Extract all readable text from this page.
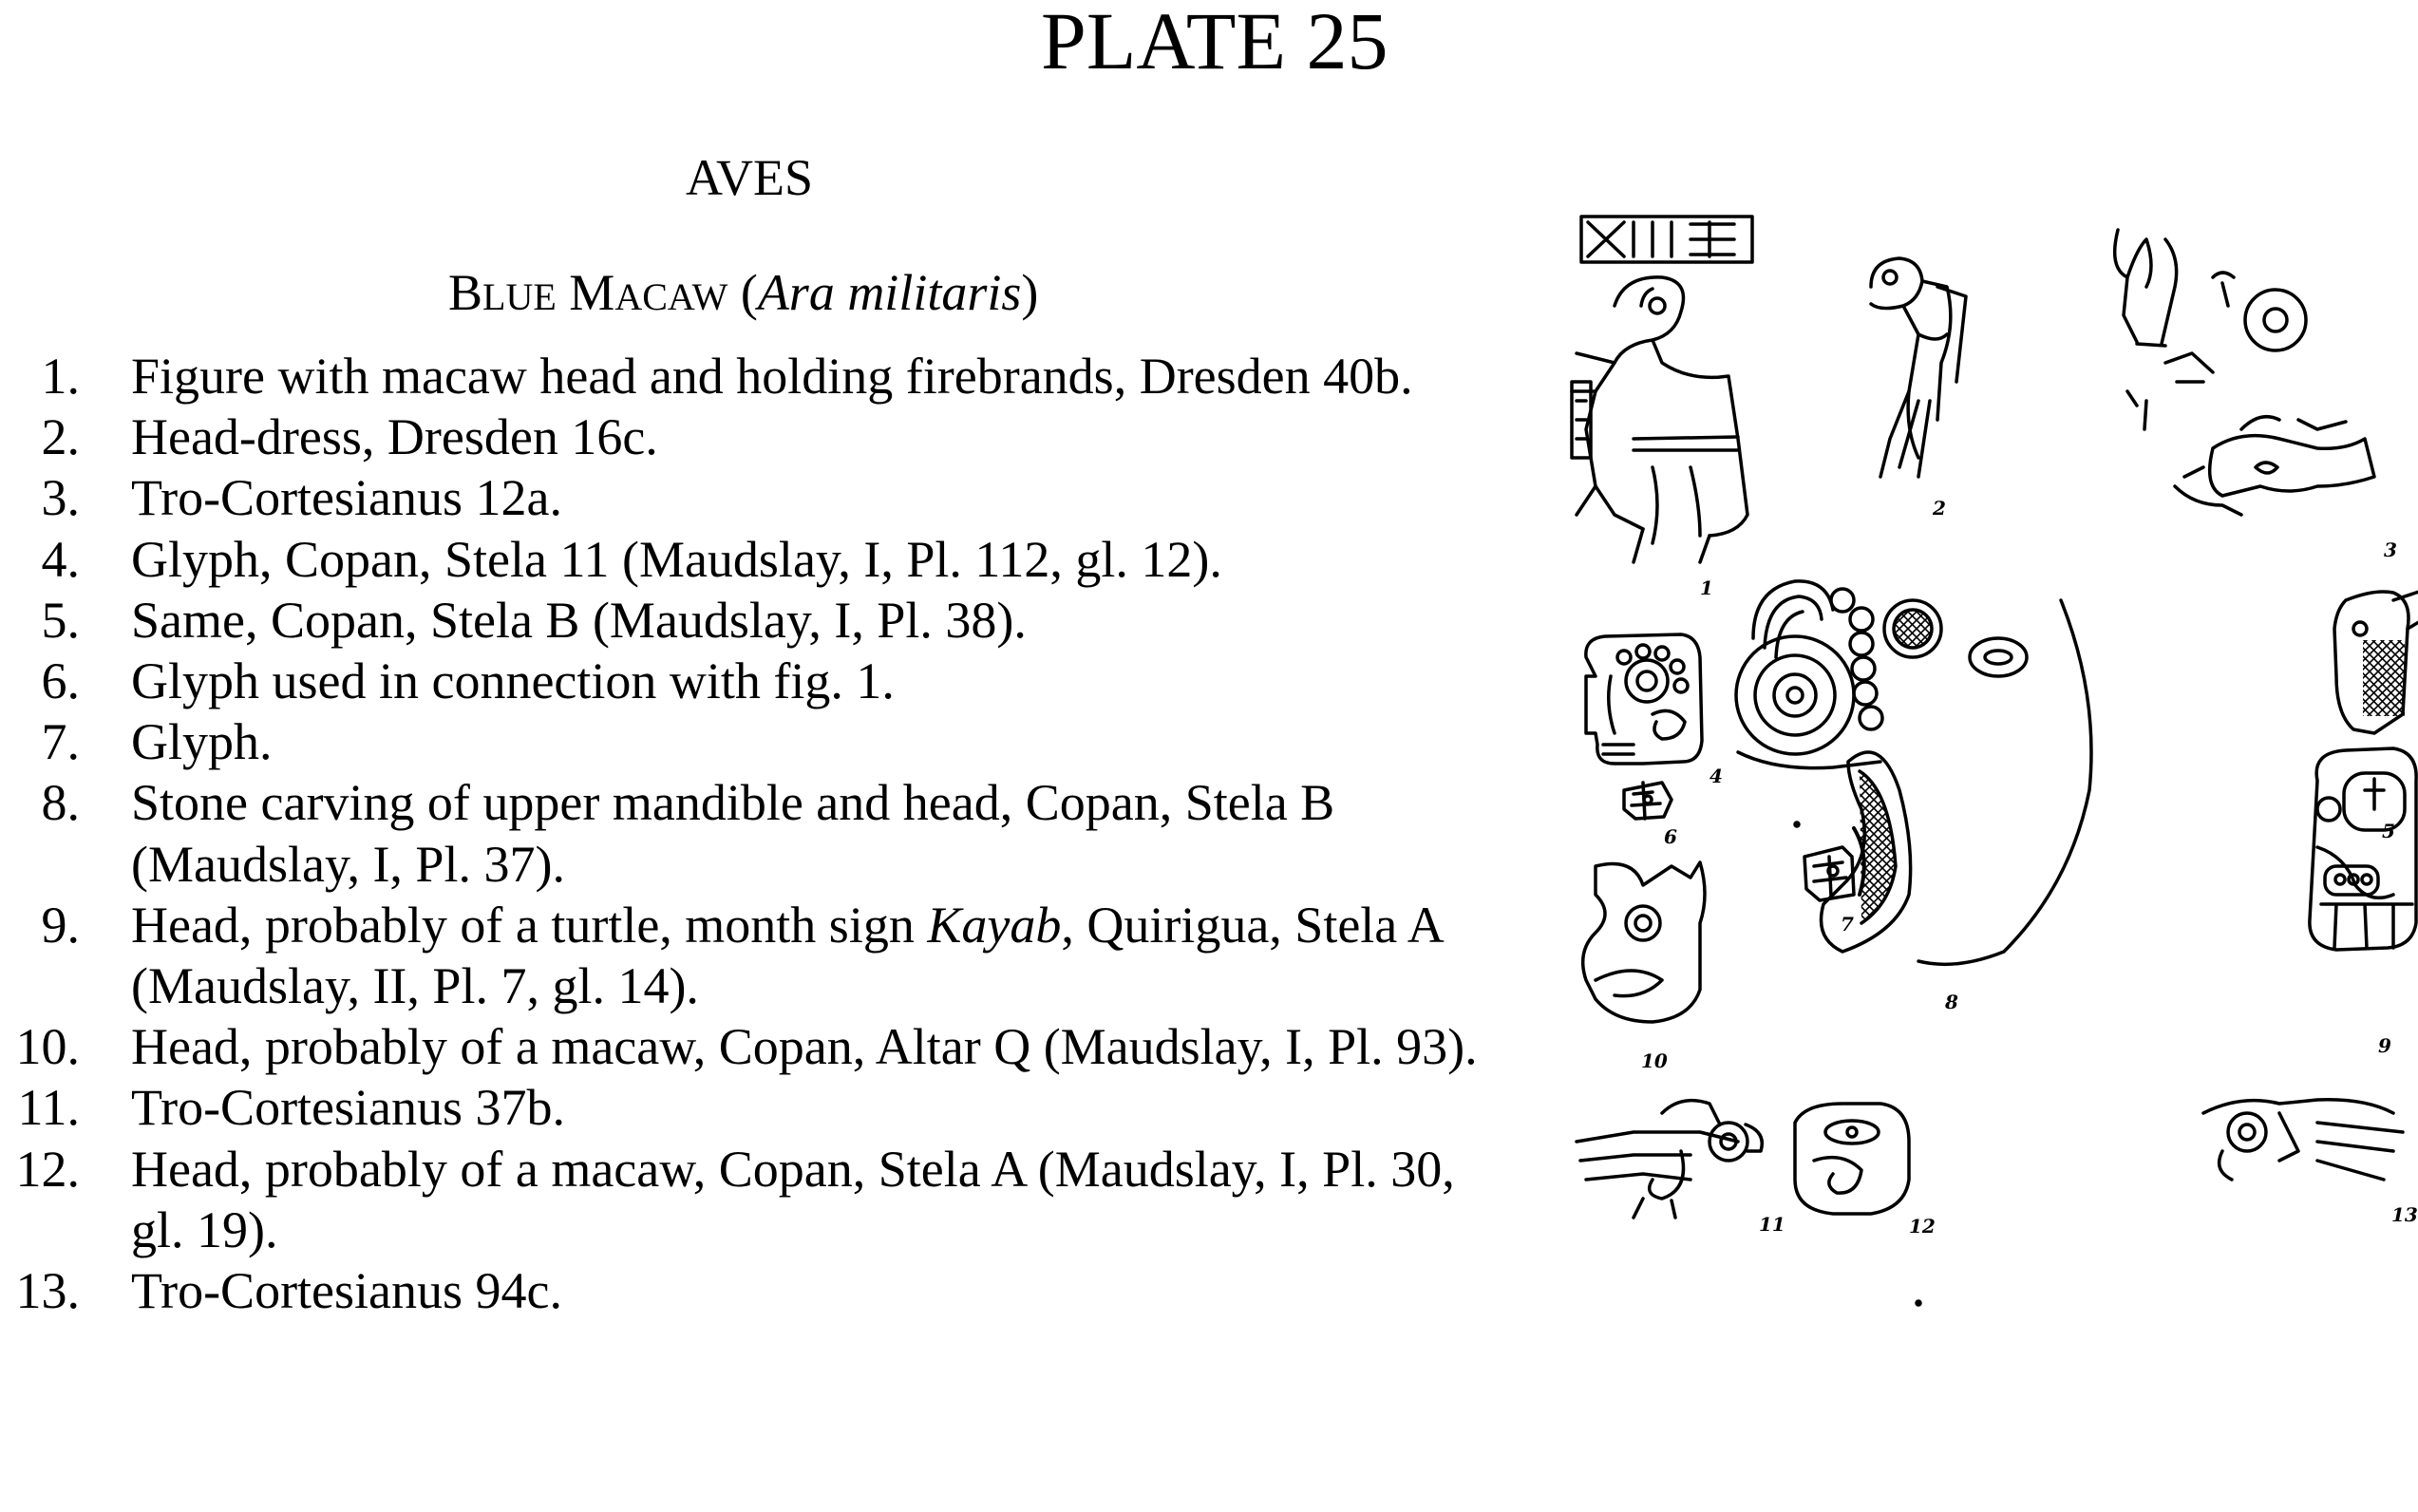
PLATE 25
AVES
BLUE MACAW (Ara militaris)
1. Figure with macaw head and holding firebrands, Dresden 40b.
2. Head-dress, Dresden 16c.
3. Tro-Cortesianus 12a.
4. Glyph, Copan, Stela 11 (Maudslay, I, Pl. 112, gl. 12).
5. Same, Copan, Stela B (Maudslay, I, Pl. 38).
6. Glyph used in connection with fig. 1.
7. Glyph.
8. Stone carving of upper mandible and head, Copan, Stela B (Maudslay, I, Pl. 37).
9. Head, probably of a turtle, month sign Kayab, Quirigua, Stela A (Maudslay, II, Pl. 7, gl. 14).
10. Head, probably of a macaw, Copan, Altar Q (Maudslay, I, Pl. 93).
11. Tro-Cortesianus 37b.
12. Head, probably of a macaw, Copan, Stela A (Maudslay, I, Pl. 30, gl. 19).
13. Tro-Cortesianus 94c.
1
2
3
4
5
6
7
8
9
10
11	12	13
